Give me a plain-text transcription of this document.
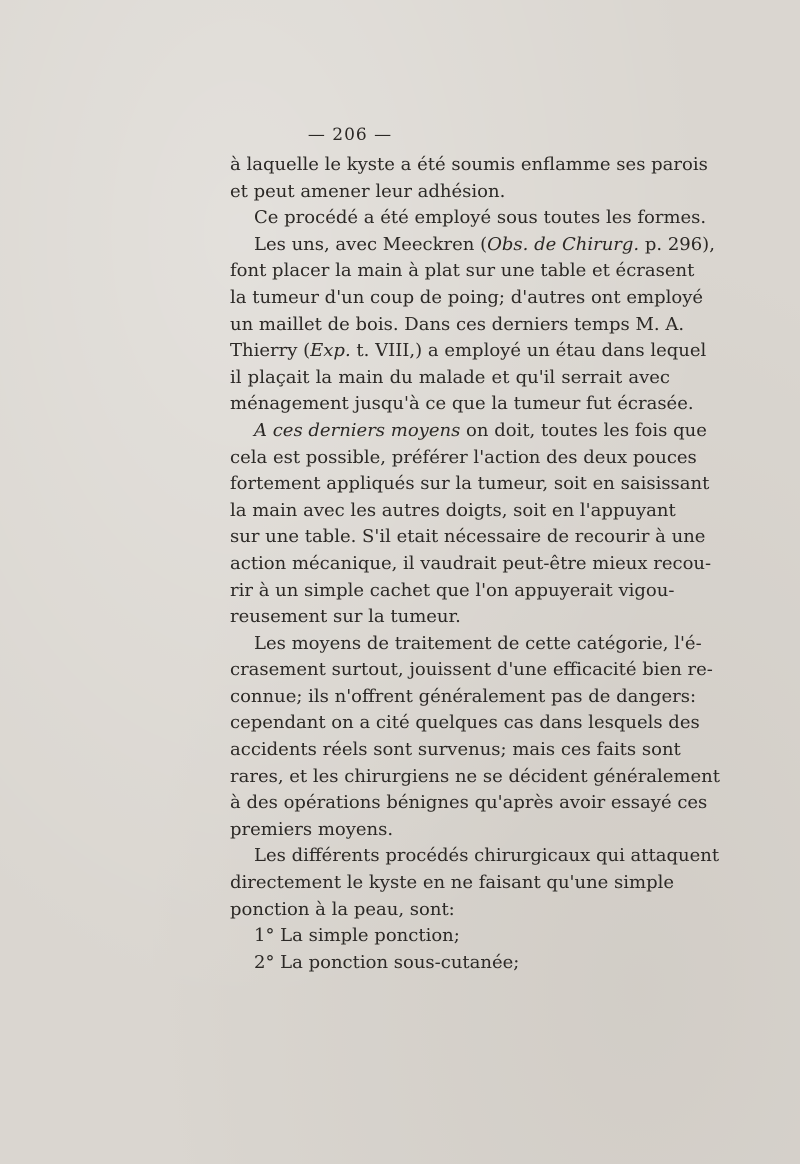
— 206 —
à laquelle le kyste a été soumis enflamme ses parois
et peut amener leur adhésion.
Ce procédé a été employé sous toutes les formes.
Les uns, avec Meeckren (Obs. de Chirurg. p. 296),
font placer la main à plat sur une table et écrasent
la tumeur d'un coup de poing; d'autres ont employé
un maillet de bois. Dans ces derniers temps M. A.
Thierry (Exp. t. VIII,) a employé un étau dans lequel
il plaçait la main du malade et qu'il serrait avec
ménagement jusqu'à ce que la tumeur fut écrasée.
A ces derniers moyens on doit, toutes les fois que
cela est possible, préférer l'action des deux pouces
fortement appliqués sur la tumeur, soit en saisissant
la main avec les autres doigts, soit en l'appuyant
sur une table. S'il etait nécessaire de recourir à une
action mécanique, il vaudrait peut-être mieux recou-
rir à un simple cachet que l'on appuyerait vigou-
reusement sur la tumeur.
Les moyens de traitement de cette catégorie, l'é-
crasement surtout, jouissent d'une efficacité bien re-
connue; ils n'offrent généralement pas de dangers:
cependant on a cité quelques cas dans lesquels des
accidents réels sont survenus; mais ces faits sont
rares, et les chirurgiens ne se décident généralement
à des opérations bénignes qu'après avoir essayé ces
premiers moyens.
Les différents procédés chirurgicaux qui attaquent
directement le kyste en ne faisant qu'une simple
ponction à la peau, sont:
1° La simple ponction;
2° La ponction sous-cutanée;
